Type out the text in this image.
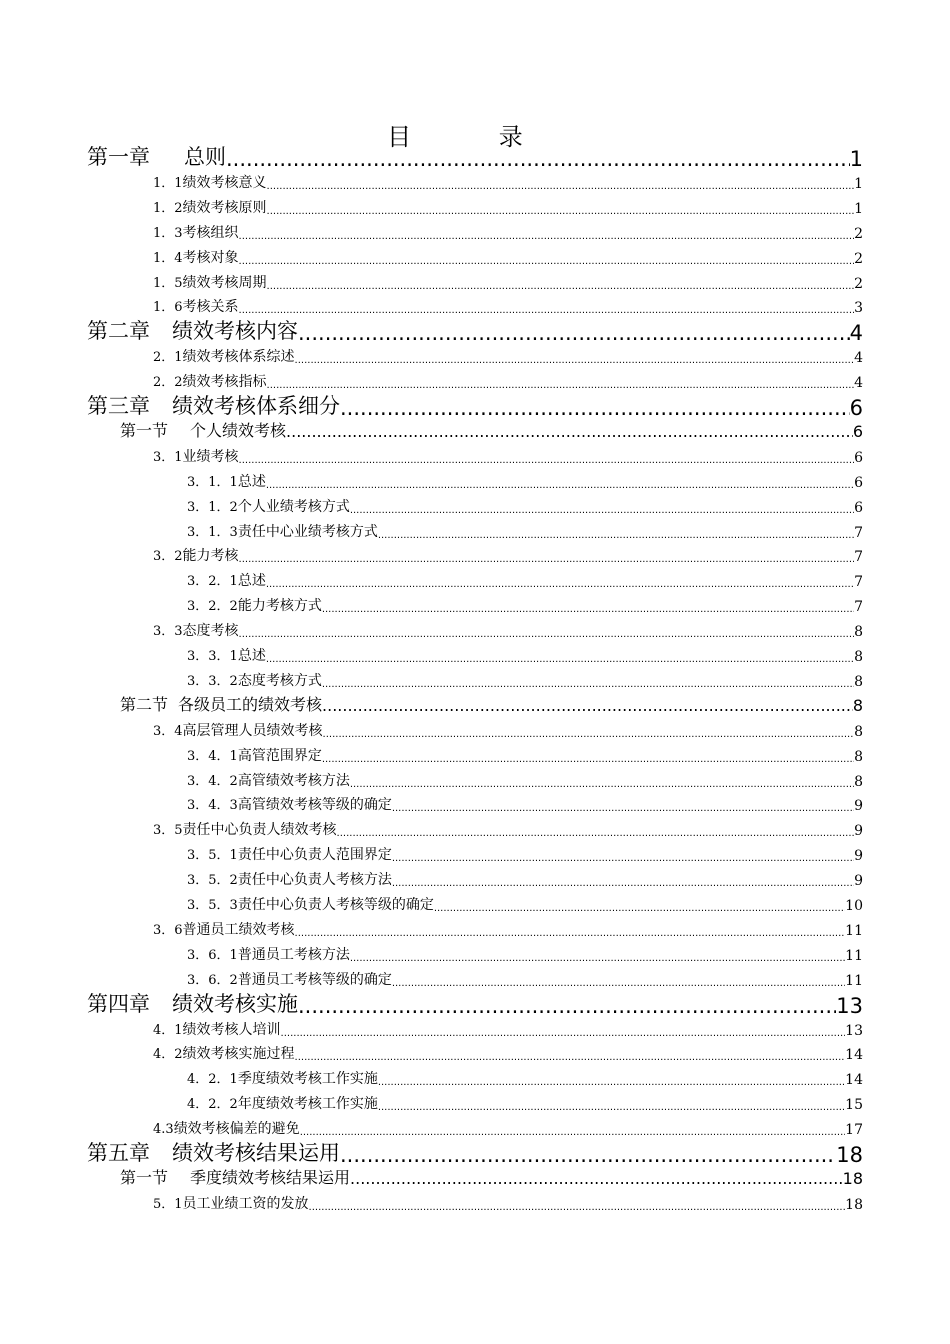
目 录
第一章 总则 .....	1
1．1绩效考核意义 .....	1
1．2绩效考核原则 .....	1
1．3考核组织 .....	2
1．4考核对象 .....	2
1．5绩效考核周期 .....	2
1．6考核关系 .....	3
第二章 绩效考核内容 .....	4
2．1绩效考核体系综述 .....	4
2．2绩效考核指标 .....	4
第三章 绩效考核体系细分 .....	6
第一节 个人绩效考核 .....	6
3．1业绩考核 .....	6
3．1．1总述 .....	6
3．1．2个人业绩考核方式 .....	6
3．1．3责任中心业绩考核方式 .....	7
3．2能力考核 .....	7
3．2．1总述 .....	7
3．2．2能力考核方式 .....	7
3．3态度考核 .....	8
3．3．1总述 .....	8
3．3．2态度考核方式 .....	8
第二节 各级员工的绩效考核 .....	8
3．4高层管理人员绩效考核 .....	8
3．4．1高管范围界定 .....	8
3．4．2高管绩效考核方法 .....	8
3．4．3高管绩效考核等级的确定 .....	9
3．5责任中心负责人绩效考核 .....	9
3．5．1责任中心负责人范围界定 .....	9
3．5．2责任中心负责人考核方法 .....	9
3．5．3责任中心负责人考核等级的确定 .....	10
3．6普通员工绩效考核 .....	11
3．6．1普通员工考核方法 .....	11
3．6．2普通员工考核等级的确定 .....	11
第四章 绩效考核实施 .....	13
4．1绩效考核人培训 .....	13
4．2绩效考核实施过程 .....	14
4．2．1季度绩效考核工作实施 .....	14
4．2．2年度绩效考核工作实施 .....	15
4.3绩效考核偏差的避免 .....	17
第五章 绩效考核结果运用 .....	18
第一节 季度绩效考核结果运用 .....	18
5．1员工业绩工资的发放 .....	18
